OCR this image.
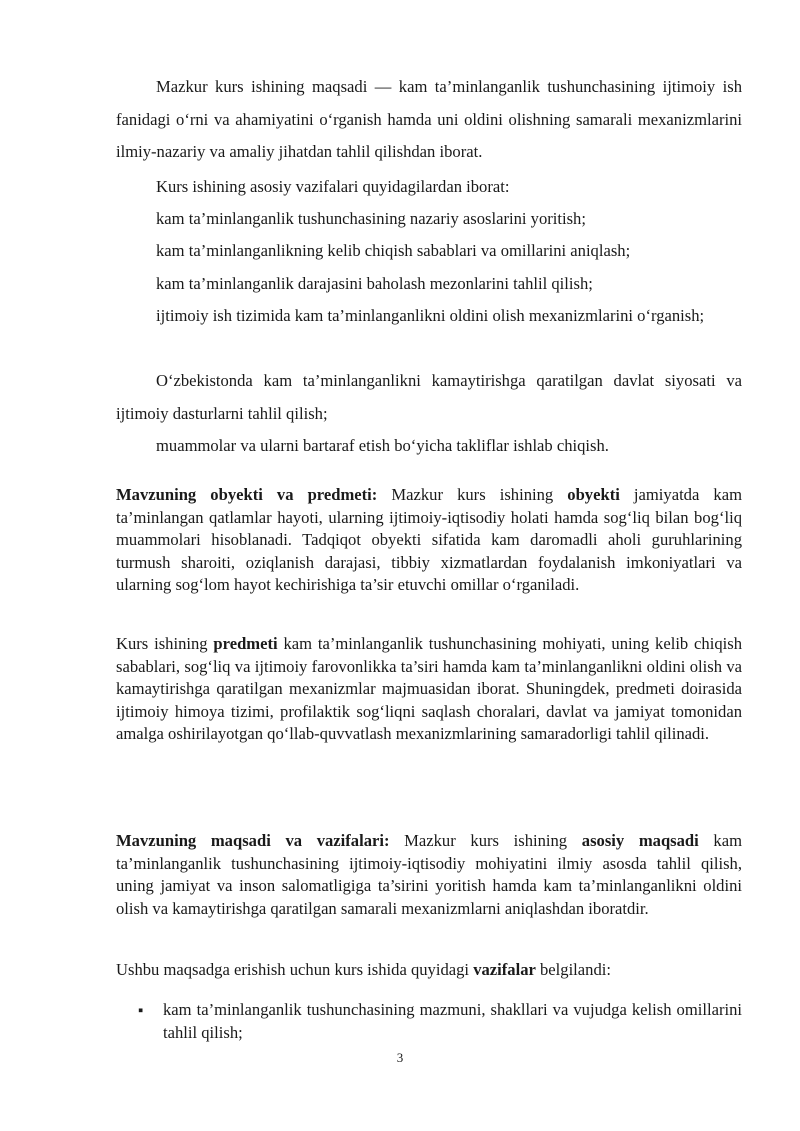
Mazkur kurs ishining maqsadi — kam ta’minlanganlik tushunchasining ijtimoiy ish fanidagi o‘rni va ahamiyatini o‘rganish hamda uni oldini olishning samarali mexanizmlarini ilmiy-nazariy va amaliy jihatdan tahlil qilishdan iborat.

Kurs ishining asosiy vazifalari quyidagilardan iborat:

kam ta’minlanganlik tushunchasining nazariy asoslarini yoritish;

kam ta’minlanganlikning kelib chiqish sabablari va omillarini aniqlash;

kam ta’minlanganlik darajasini baholash mezonlarini tahlil qilish;

ijtimoiy ish tizimida kam ta’minlanganlikni oldini olish mexanizmlarini o‘rganish;

O‘zbekistonda kam ta’minlanganlikni kamaytirishga qaratilgan davlat siyosati va ijtimoiy dasturlarni tahlil qilish;

muammolar va ularni bartaraf etish bo‘yicha takliflar ishlab chiqish.

Mavzuning obyekti va predmeti: Mazkur kurs ishining obyekti jamiyatda kam ta’minlangan qatlamlar hayoti, ularning ijtimoiy-iqtisodiy holati hamda sog‘liq bilan bog‘liq muammolari hisoblanadi. Tadqiqot obyekti sifatida kam daromadli aholi guruhlarining turmush sharoiti, oziqlanish darajasi, tibbiy xizmatlardan foydalanish imkoniyatlari va ularning sog‘lom hayot kechirishiga ta’sir etuvchi omillar o‘rganiladi.

Kurs ishining predmeti kam ta’minlanganlik tushunchasining mohiyati, uning kelib chiqish sabablari, sog‘liq va ijtimoiy farovonlikka ta’siri hamda kam ta’minlanganlikni oldini olish va kamaytirishga qaratilgan mexanizmlar majmuasidan iborat. Shuningdek, predmeti doirasida ijtimoiy himoya tizimi, profilaktik sog‘liqni saqlash choralari, davlat va jamiyat tomonidan amalga oshirilayotgan qo‘llab-quvvatlash mexanizmlarining samaradorligi tahlil qilinadi.

Mavzuning maqsadi va vazifalari: Mazkur kurs ishining asosiy maqsadi kam ta’minlanganlik tushunchasining ijtimoiy-iqtisodiy mohiyatini ilmiy asosda tahlil qilish, uning jamiyat va inson salomatligiga ta’sirini yoritish hamda kam ta’minlanganlikni oldini olish va kamaytirishga qaratilgan samarali mexanizmlarni aniqlashdan iboratdir.

Ushbu maqsadga erishish uchun kurs ishida quyidagi vazifalar belgilandi:

▪ kam ta’minlanganlik tushunchasining mazmuni, shakllari va vujudga kelish omillarini tahlil qilish;

3
